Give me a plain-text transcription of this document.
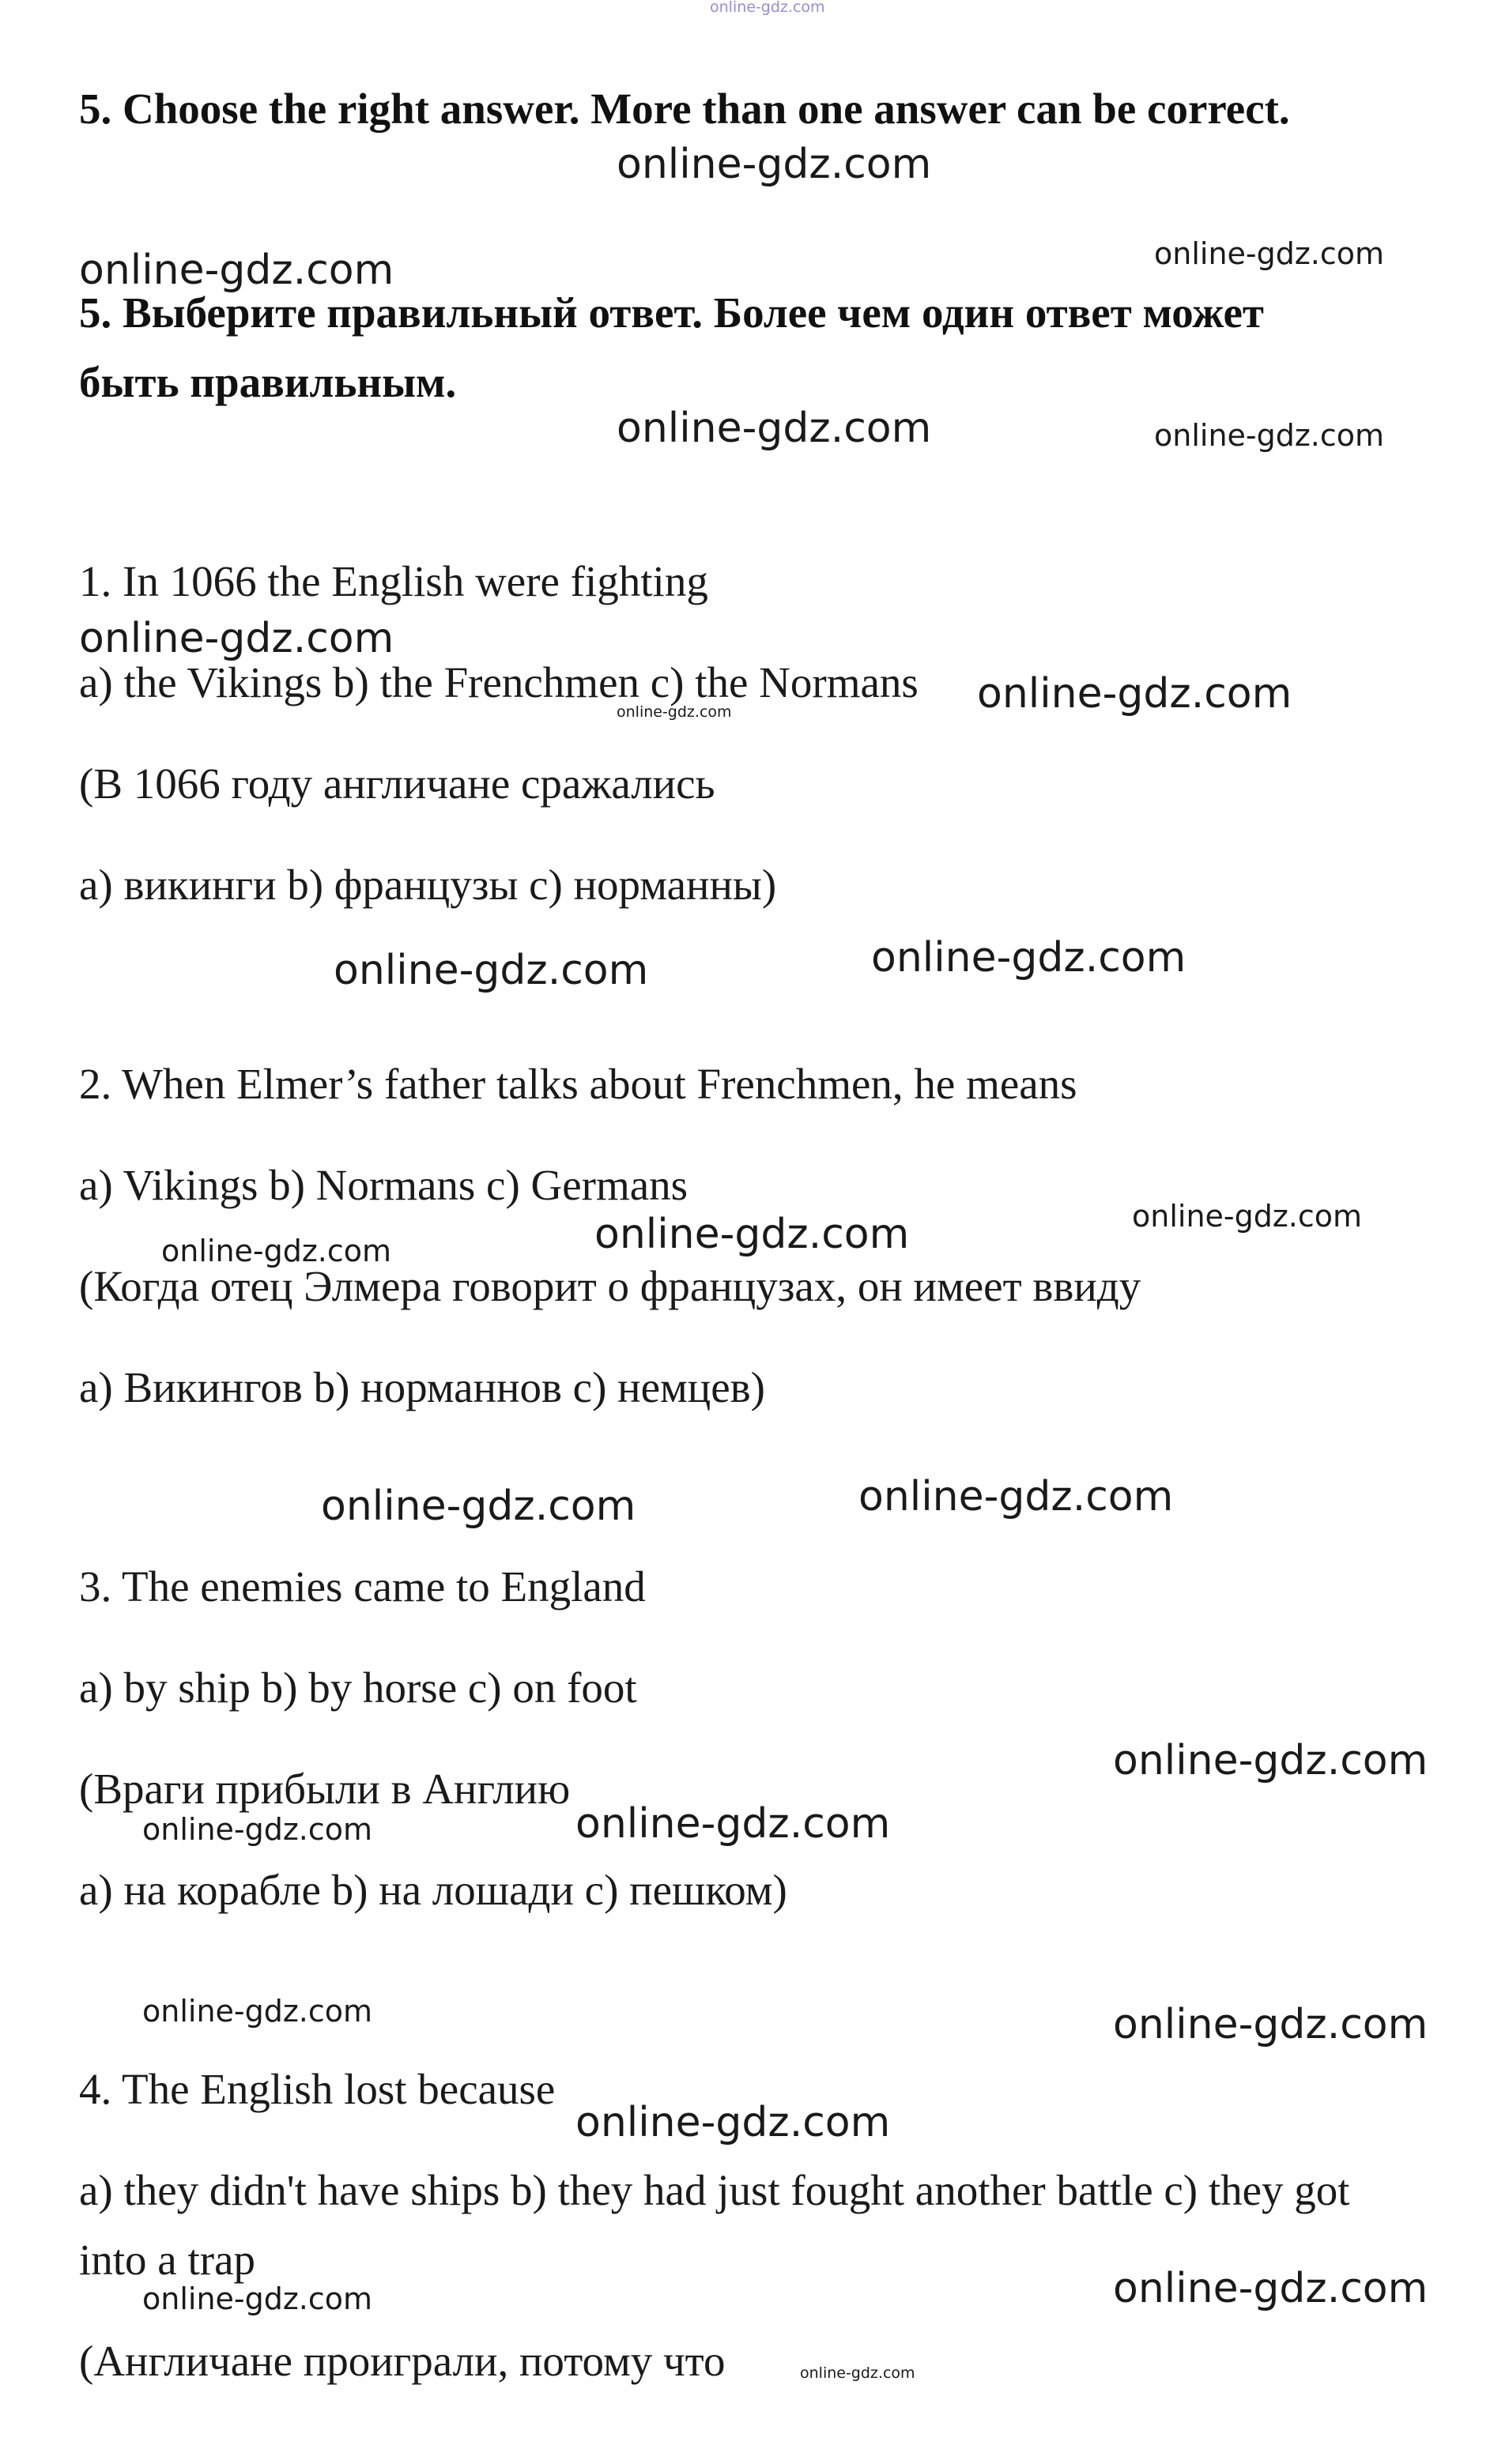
online-gdz.com
5. Choose the right answer. More than one answer can be correct.
online-gdz.com
online-gdz.com	online-gdz.com
5. Выберите правильный ответ. Более чем один ответ может
быть правильным.
online-gdz.com	online-gdz.com
1. In 1066 the English were fighting
online-gdz.com
a) the Vikings b) the Frenchmen c) the Normans online-gdz.com
online-gdz.com
(В 1066 году англичане сражались
a) викинги b) французы c) норманны)
online-gdz.com	online-gdz.com
2. When Elmer’s father talks about Frenchmen, he means
a) Vikings b) Normans c) Germans
online-gdz.com
online-gdz.com
online-gdz.com
(Когда отец Элмера говорит о французах, он имеет ввиду
a) Викингов b) норманнов c) немцев)
online-gdz.com	online-gdz.com
3. The enemies came to England
a) by ship b) by horse c) on foot
online-gdz.com
(Враги прибыли в Англию
online-gdz.com
online-gdz.com
a) на корабле b) на лошади c) пешком)
online-gdz.com	online-gdz.com
4. The English lost because
online-gdz.com
a) they didn't have ships b) they had just fought another battle c) they got
into a trap
online-gdz.com	online-gdz.com
(Англичане проиграли, потому что	online-gdz.com
